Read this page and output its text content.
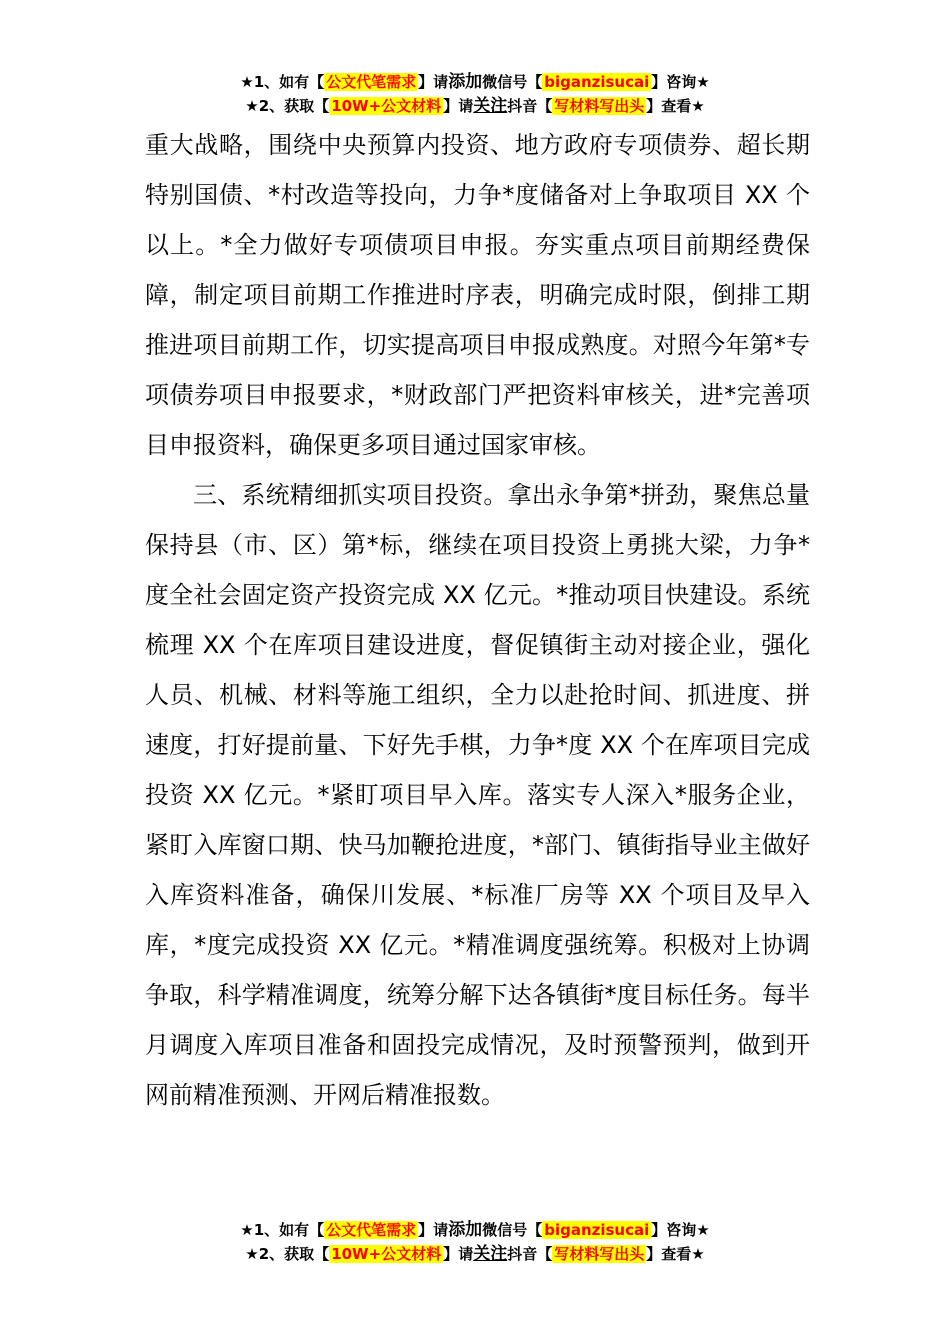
★1、如有【 公文代笔需求 】请添加微信号【 biganzisucai 】咨询★
★2、获取【 10W+公文材料 】请关注抖音【 写材料写出头 】查看★

重大战略，围绕中央预算内投资、地方政府专项债券、超长期特别国债、*村改造等投向，力争*度储备对上争取项目 XX 个以上。*全力做好专项债项目申报。夯实重点项目前期经费保障，制定项目前期工作推进时序表，明确完成时限，倒排工期推进项目前期工作，切实提高项目申报成熟度。对照今年第*专项债券项目申报要求，*财政部门严把资料审核关，进*完善项目申报资料，确保更多项目通过国家审核。

三、系统精细抓实项目投资。拿出永争第*拼劲，聚焦总量保持县（市、区）第*标，继续在项目投资上勇挑大梁，力争*度全社会固定资产投资完成 XX 亿元。*推动项目快建设。系统梳理 XX 个在库项目建设进度，督促镇街主动对接企业，强化人员、机械、材料等施工组织，全力以赴抢时间、抓进度、拼速度，打好提前量、下好先手棋，力争*度 XX 个在库项目完成投资 XX 亿元。*紧盯项目早入库。落实专人深入*服务企业，紧盯入库窗口期、快马加鞭抢进度，*部门、镇街指导业主做好入库资料准备，确保川发展、*标准厂房等 XX 个项目及早入库，*度完成投资 XX 亿元。*精准调度强统筹。积极对上协调争取，科学精准调度，统筹分解下达各镇街*度目标任务。每半月调度入库项目准备和固投完成情况，及时预警预判，做到开网前精准预测、开网后精准报数。

★1、如有【 公文代笔需求 】请添加微信号【 biganzisucai 】咨询★
★2、获取【 10W+公文材料 】请关注抖音【 写材料写出头 】查看★
